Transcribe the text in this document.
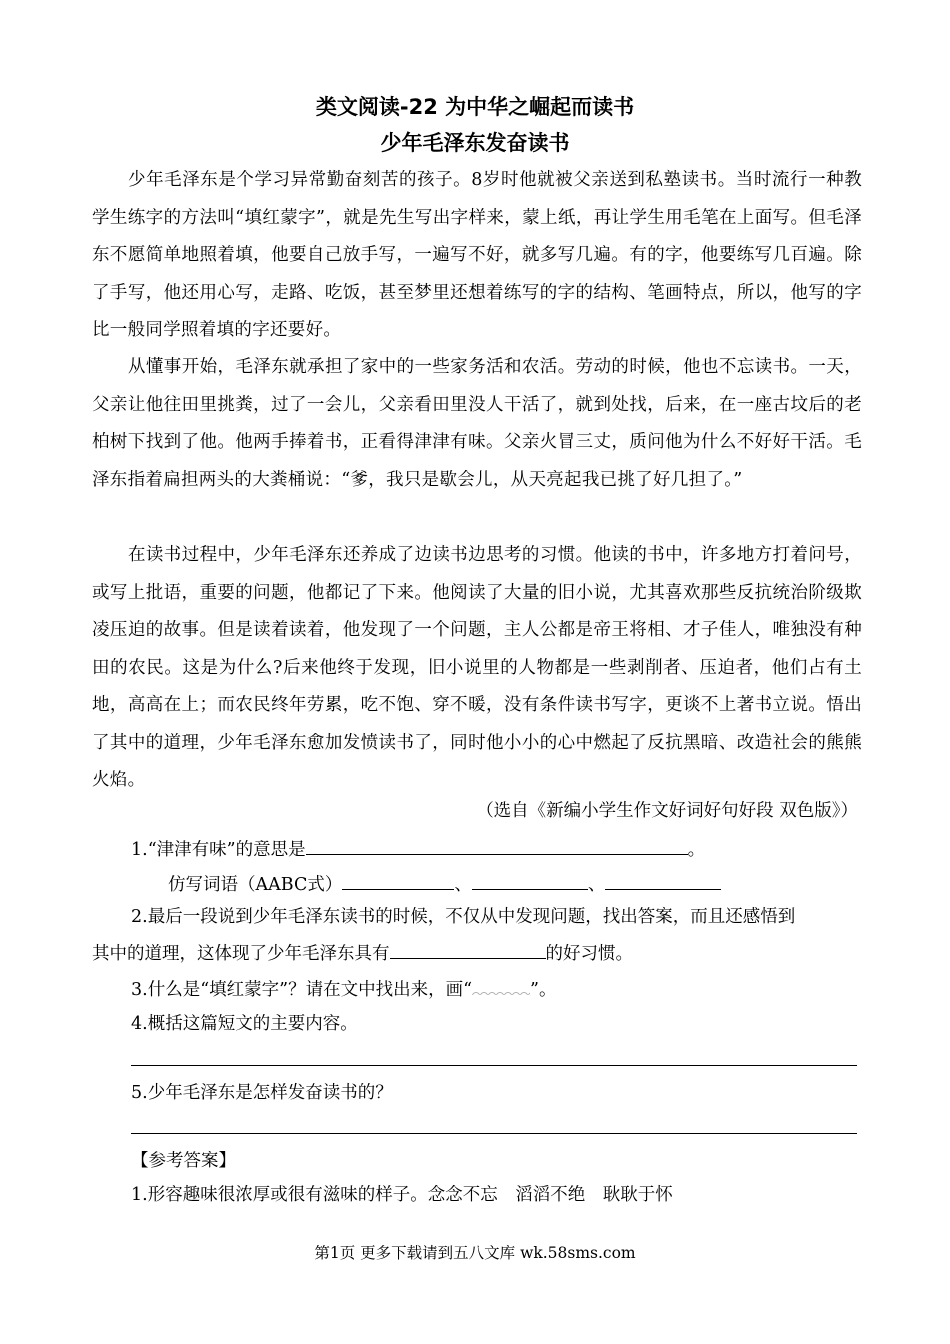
类文阅读-22 为中华之崛起而读书
少年毛泽东发奋读书
少年毛泽东是个学习异常勤奋刻苦的孩子。8岁时他就被父亲送到私塾读书。当时流行一种教学生练字的方法叫“填红蒙字”，就是先生写出字样来，蒙上纸，再让学生用毛笔在上面写。但毛泽东不愿简单地照着填，他要自己放手写，一遍写不好，就多写几遍。有的字，他要练写几百遍。除了手写，他还用心写，走路、吃饭，甚至梦里还想着练写的字的结构、笔画特点，所以，他写的字比一般同学照着填的字还要好。
从懂事开始，毛泽东就承担了家中的一些家务活和农活。劳动的时候，他也不忘读书。一天，父亲让他往田里挑粪，过了一会儿，父亲看田里没人干活了，就到处找，后来，在一座古坟后的老柏树下找到了他。他两手捧着书，正看得津津有味。父亲火冒三丈，质问他为什么不好好干活。毛泽东指着扁担两头的大粪桶说：“爹，我只是歇会儿，从天亮起我已挑了好几担了。”
在读书过程中，少年毛泽东还养成了边读书边思考的习惯。他读的书中，许多地方打着问号，或写上批语，重要的问题，他都记了下来。他阅读了大量的旧小说，尤其喜欢那些反抗统治阶级欺凌压迫的故事。但是读着读着，他发现了一个问题，主人公都是帝王将相、才子佳人，唯独没有种田的农民。这是为什么?后来他终于发现，旧小说里的人物都是一些剥削者、压迫者，他们占有土地，高高在上；而农民终年劳累，吃不饱、穿不暖，没有条件读书写字，更谈不上著书立说。悟出了其中的道理，少年毛泽东愈加发愤读书了，同时他小小的心中燃起了反抗黑暗、改造社会的熊熊火焰。
（选自《新编小学生作文好词好句好段 双色版》）
1.“津津有味”的意思是	。
仿写词语（AABC式）	、	、
2.最后一段说到少年毛泽东读书的时候，不仅从中发现问题，找出答案，而且还感悟到
其中的道理，这体现了少年毛泽东具有	的好习惯。
3.什么是“填红蒙字”？请在文中找出来，画“	”。
4.概括这篇短文的主要内容。
5.少年毛泽东是怎样发奋读书的？
【参考答案】
1.形容趣味很浓厚或很有滋味的样子。念念不忘　滔滔不绝　耿耿于怀
第1页 更多下载请到五八文库 wk.58sms.com
